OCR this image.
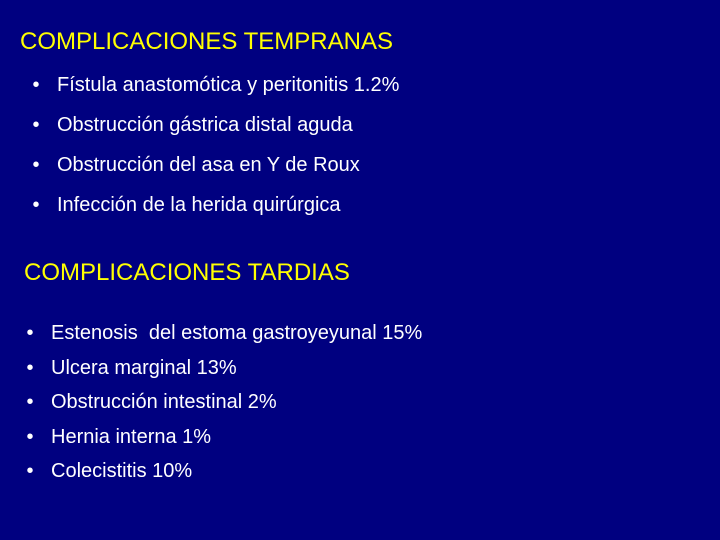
COMPLICACIONES TEMPRANAS
• Fístula anastomótica y peritonitis 1.2%
• Obstrucción gástrica distal aguda
• Obstrucción del asa en Y de Roux
• Infección de la herida quirúrgica
COMPLICACIONES TARDIAS
• Estenosis  del estoma gastroyeyunal 15%
• Ulcera marginal 13%
• Obstrucción intestinal 2%
• Hernia interna 1%
• Colecistitis 10%
